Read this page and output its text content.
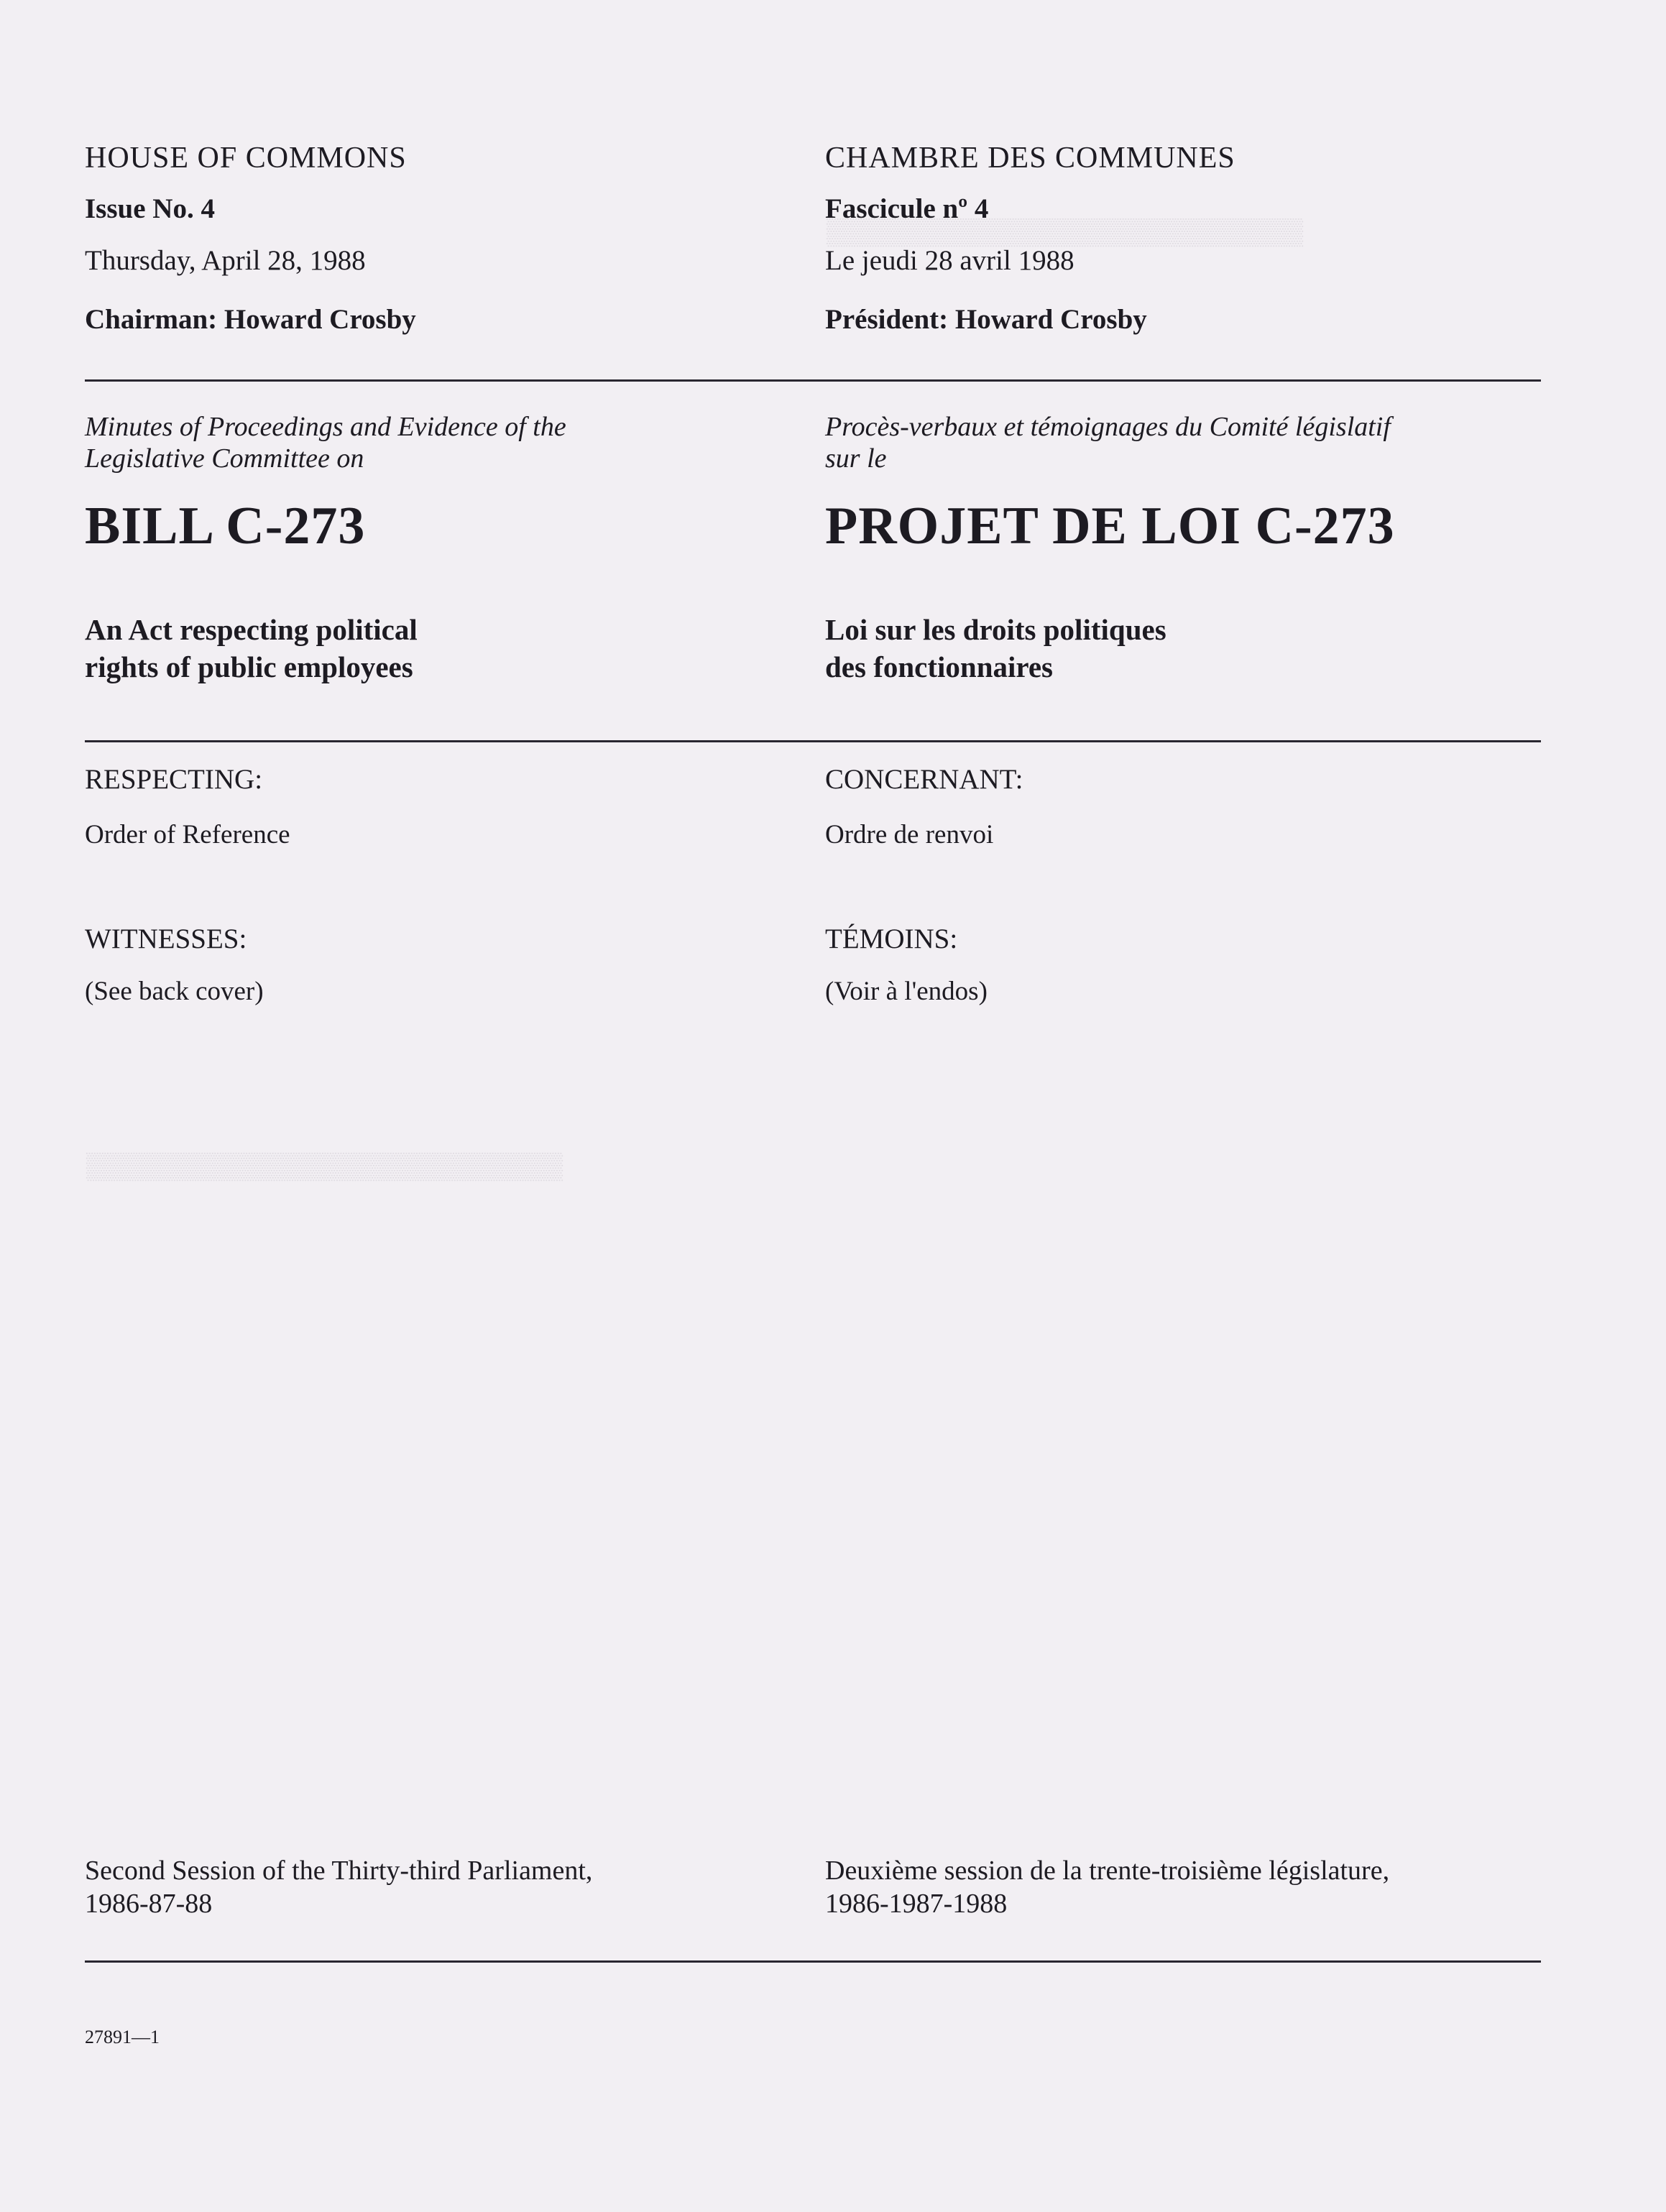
▒▒▒▒▒▒▒▒▒▒▒▒▒▒▒▒▒▒▒▒▒▒▒▒▒▒
▒▒▒▒▒▒▒▒▒▒▒▒▒▒▒▒▒▒▒▒▒▒▒▒▒▒
HOUSE OF COMMONS
Issue No. 4
Thursday, April 28, 1988
Chairman: Howard Crosby
Minutes of Proceedings and Evidence of the
Legislative Committee on
BILL C-273
An Act respecting political
rights of public employees
RESPECTING:
Order of Reference
WITNESSES:
(See back cover)
Second Session of the Thirty-third Parliament,
1986-87-88
CHAMBRE DES COMMUNES
Fascicule nº 4
Le jeudi 28 avril 1988
Président: Howard Crosby
Procès-verbaux et témoignages du Comité législatif
sur le
PROJET DE LOI C-273
Loi sur les droits politiques
des fonctionnaires
CONCERNANT:
Ordre de renvoi
TÉMOINS:
(Voir à l'endos)
Deuxième session de la trente-troisième législature,
1986-1987-1988
27891—1
